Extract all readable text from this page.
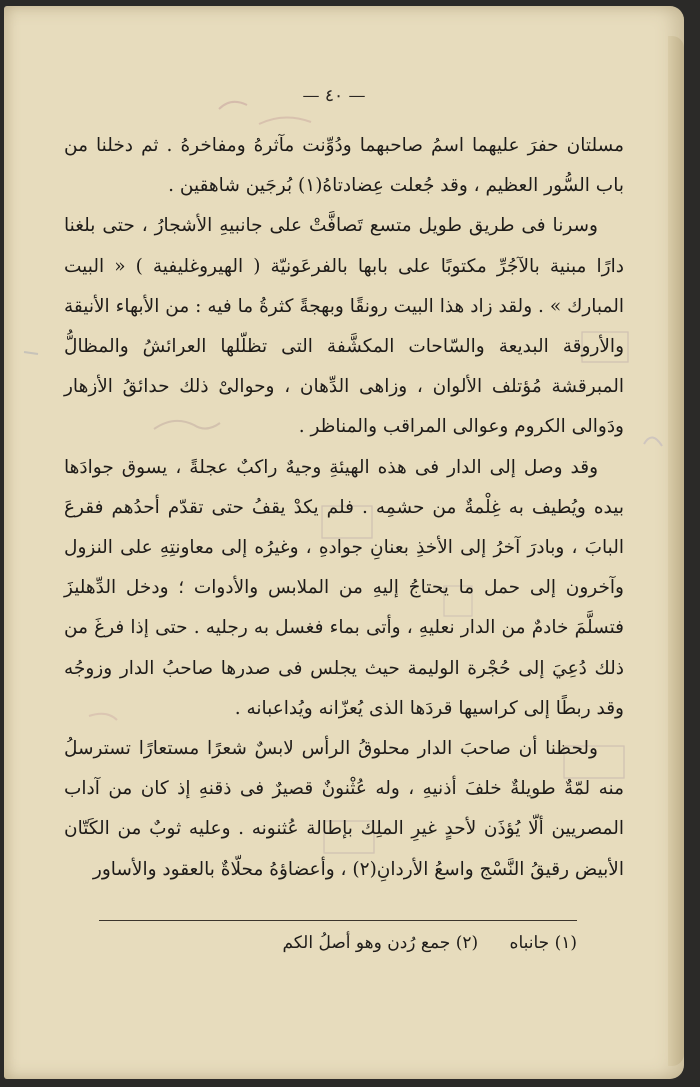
— ٤٠ —

مسلتان حفرَ عليهما اسمُ صاحبهما ودُوِّنت مآثرهُ ومفاخرهُ . ثم دخلنا من باب السُّور العظيم ، وقد جُعلت عِضادتاهُ(١) بُرجَين شاهقين .

وسرنا فى طريق طويل متسع تَصافَّتْ على جانبيهِ الأشجارُ ، حتى بلغنا دارًا مبنية بالآجُرِّ مكتوبًا على بابها بالفرعَونيّة ( الهيروغليفية ) « البيت المبارك » . ولقد زاد هذا البيت رونقًا وبهجةً كثرةُ ما فيه : من الأبهاء الأنيقة والأروقة البديعة والسّاحات المكشَّفة التى تظلّلها العرائشُ والمظالُّ المبرقشة مُؤتلف الألوان ، وزاهى الدِّهان ، وحوالىْ ذلك حدائقُ الأزهار ودَوالى الكروم وعوالى المراقب والمناظر .

وقد وصل إلى الدار فى هذه الهيئةِ وجيهٌ راكبٌ عجلةً ، يسوق جوادَها بيده ويُطيف به غِلْمةٌ من حشمِه . فلم يكدْ يقفُ حتى تقدّم أحدُهم فقرعَ البابَ ، وبادرَ آخرُ إلى الأخذِ بعنانِ جوادهِ ، وغيرُه إلى معاونتِهِ على النزول وآخرون إلى حمل ما يحتاجُ إليهِ من الملابس والأدوات ؛ ودخل الدِّهليزَ فتسلَّمَ خادمٌ من الدار نعليهِ ، وأتى بماء فغسل به رجليه . حتى إذا فرغَ من ذلك دُعِيَ إلى حُجْرة الوليمة حيث يجلس فى صدرها صاحبُ الدار وزوجُه وقد ربطًا إلى كراسيها قردَها الذى يُعزّانه ويُداعبانه .

ولحظنا أن صاحبَ الدار محلوقُ الرأس لابسٌ شعرًا مستعارًا تسترسلُ منه لمّةٌ طويلةٌ خلفَ أذنيهِ ، وله عُثْنونٌ قصيرٌ فى ذقنهِ إذ كان من آداب المصريين ألّا يُؤذَن لأحدٍ غيرِ الملِك بإطالة عُثنونه . وعليه ثوبٌ من الكَتّان الأبيض رقيقُ النَّسْج واسعُ الأردانِ(٢) ، وأعضاؤهُ محلّاةٌ بالعقود والأساور

(١) جانباه (٢) جمع رُدن وهو أصلُ الكم
